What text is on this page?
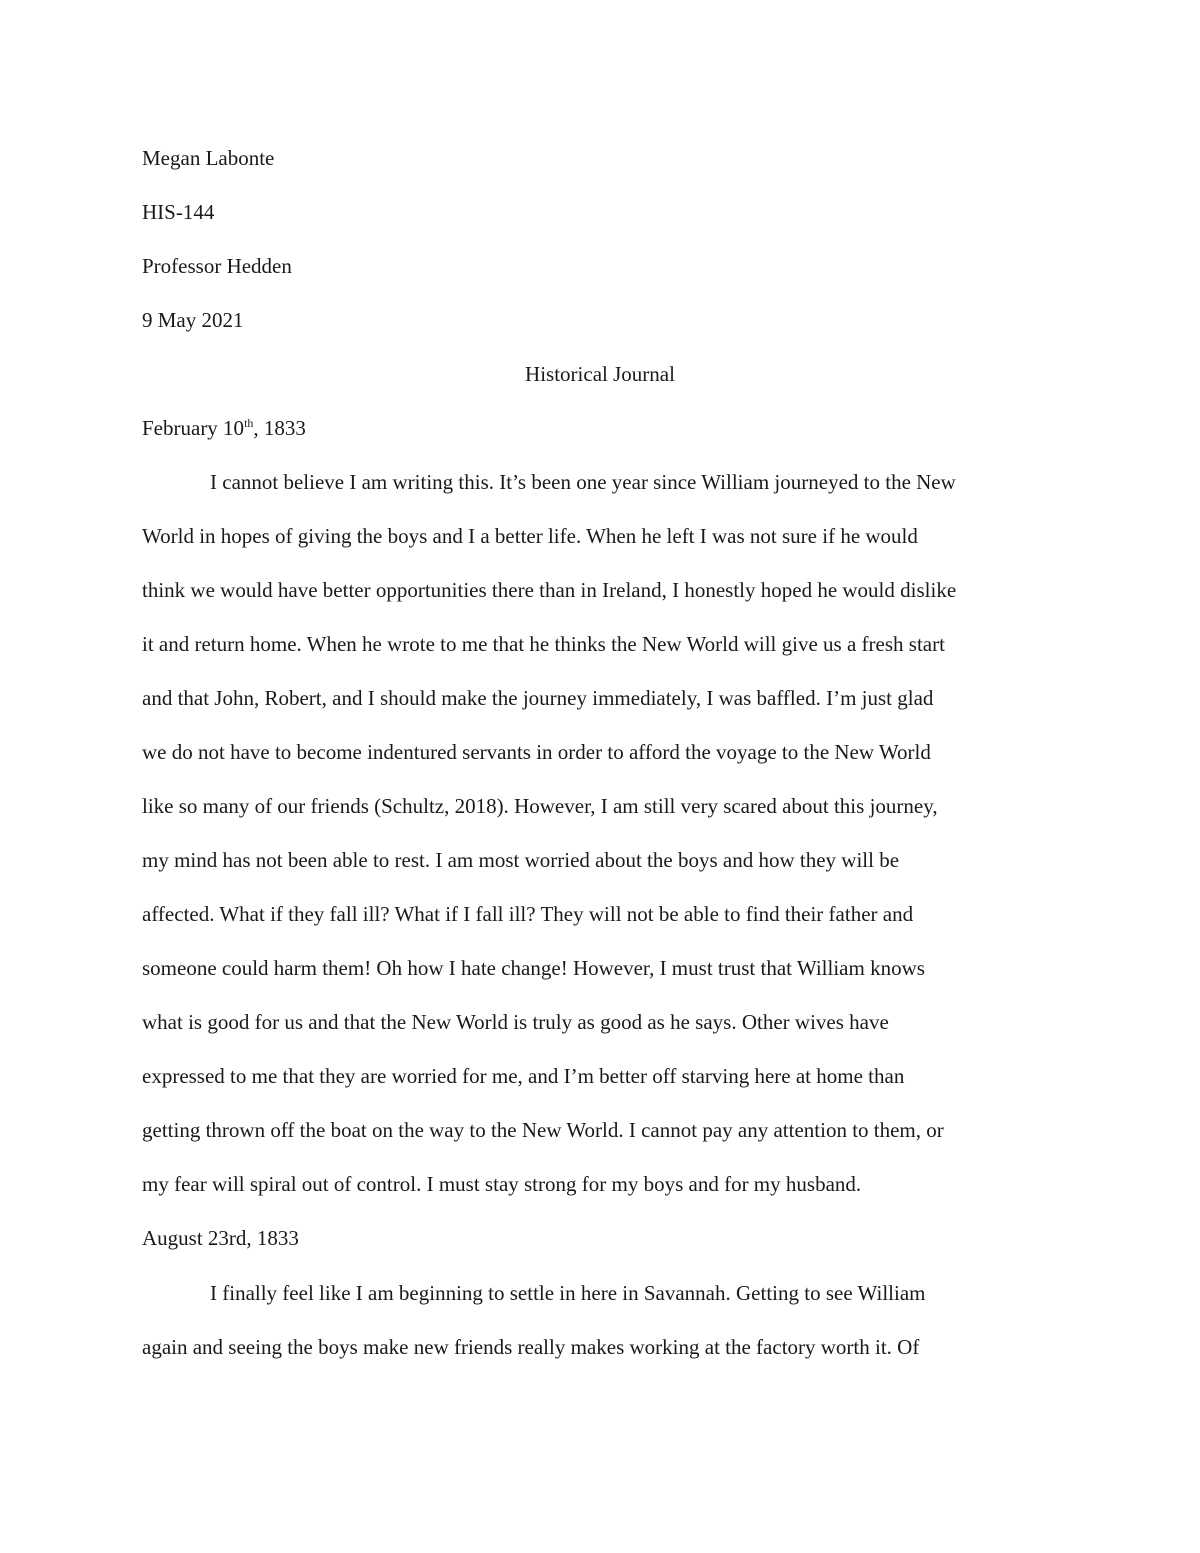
Megan Labonte
HIS-144
Professor Hedden
9 May 2021
Historical Journal
February 10th, 1833
I cannot believe I am writing this. It’s been one year since William journeyed to the New
World in hopes of giving the boys and I a better life. When he left I was not sure if he would
think we would have better opportunities there than in Ireland, I honestly hoped he would dislike
it and return home. When he wrote to me that he thinks the New World will give us a fresh start
and that John, Robert, and I should make the journey immediately, I was baffled. I’m just glad
we do not have to become indentured servants in order to afford the voyage to the New World
like so many of our friends (Schultz, 2018). However, I am still very scared about this journey,
my mind has not been able to rest. I am most worried about the boys and how they will be
affected. What if they fall ill? What if I fall ill? They will not be able to find their father and
someone could harm them! Oh how I hate change! However, I must trust that William knows
what is good for us and that the New World is truly as good as he says. Other wives have
expressed to me that they are worried for me, and I’m better off starving here at home than
getting thrown off the boat on the way to the New World. I cannot pay any attention to them, or
my fear will spiral out of control. I must stay strong for my boys and for my husband.
August 23rd, 1833
I finally feel like I am beginning to settle in here in Savannah. Getting to see William
again and seeing the boys make new friends really makes working at the factory worth it. Of
